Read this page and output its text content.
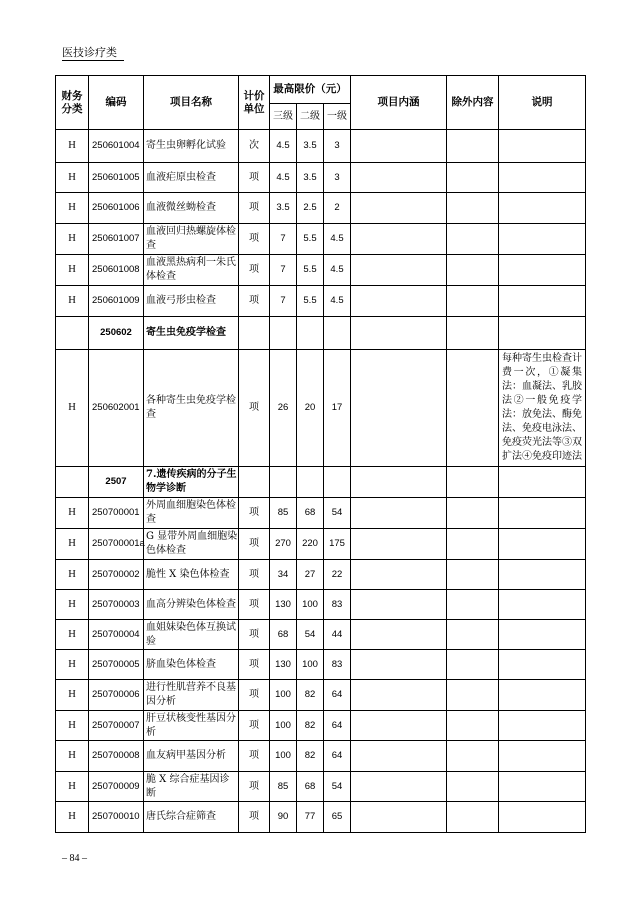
医技诊疗类
财务分类	编码	项目名称	计价单位	最高限价（元）			项目内涵	除外内容	说明
				三级	二级	一级			
H	250601004	寄生虫卵孵化试验	次	4.5	3.5	3			
H	250601005	血液疟原虫检查	项	4.5	3.5	3			
H	250601006	血液微丝蚴检查	项	3.5	2.5	2			
H	250601007	血液回归热螺旋体检查	项	7	5.5	4.5			
H	250601008	血液黑热病利一朱氏体检查	项	7	5.5	4.5			
H	250601009	血液弓形虫检查	项	7	5.5	4.5			
	250602	寄生虫免疫学检查							
H	250602001	各种寄生虫免疫学检查	项	26	20	17			每种寄生虫检查计费一次，①凝集法：血凝法、乳胶法②一般免疫学法：放免法、酶免法、免疫电泳法、免疫荧光法等③双扩法④免疫印迹法
	2507	7.遗传疾病的分子生物学诊断							
H	250700001	外周血细胞染色体检查	项	85	68	54			
H	250700001a	G 显带外周血细胞染色体检查	项	270	220	175			
H	250700002	脆性 X 染色体检查	项	34	27	22			
H	250700003	血高分辨染色体检查	项	130	100	83			
H	250700004	血姐妹染色体互换试验	项	68	54	44			
H	250700005	脐血染色体检查	项	130	100	83			
H	250700006	进行性肌营养不良基因分析	项	100	82	64			
H	250700007	肝豆状核变性基因分析	项	100	82	64			
H	250700008	血友病甲基因分析	项	100	82	64			
H	250700009	脆 X 综合症基因诊断	项	85	68	54			
H	250700010	唐氏综合症筛查	项	90	77	65			
– 84 –
